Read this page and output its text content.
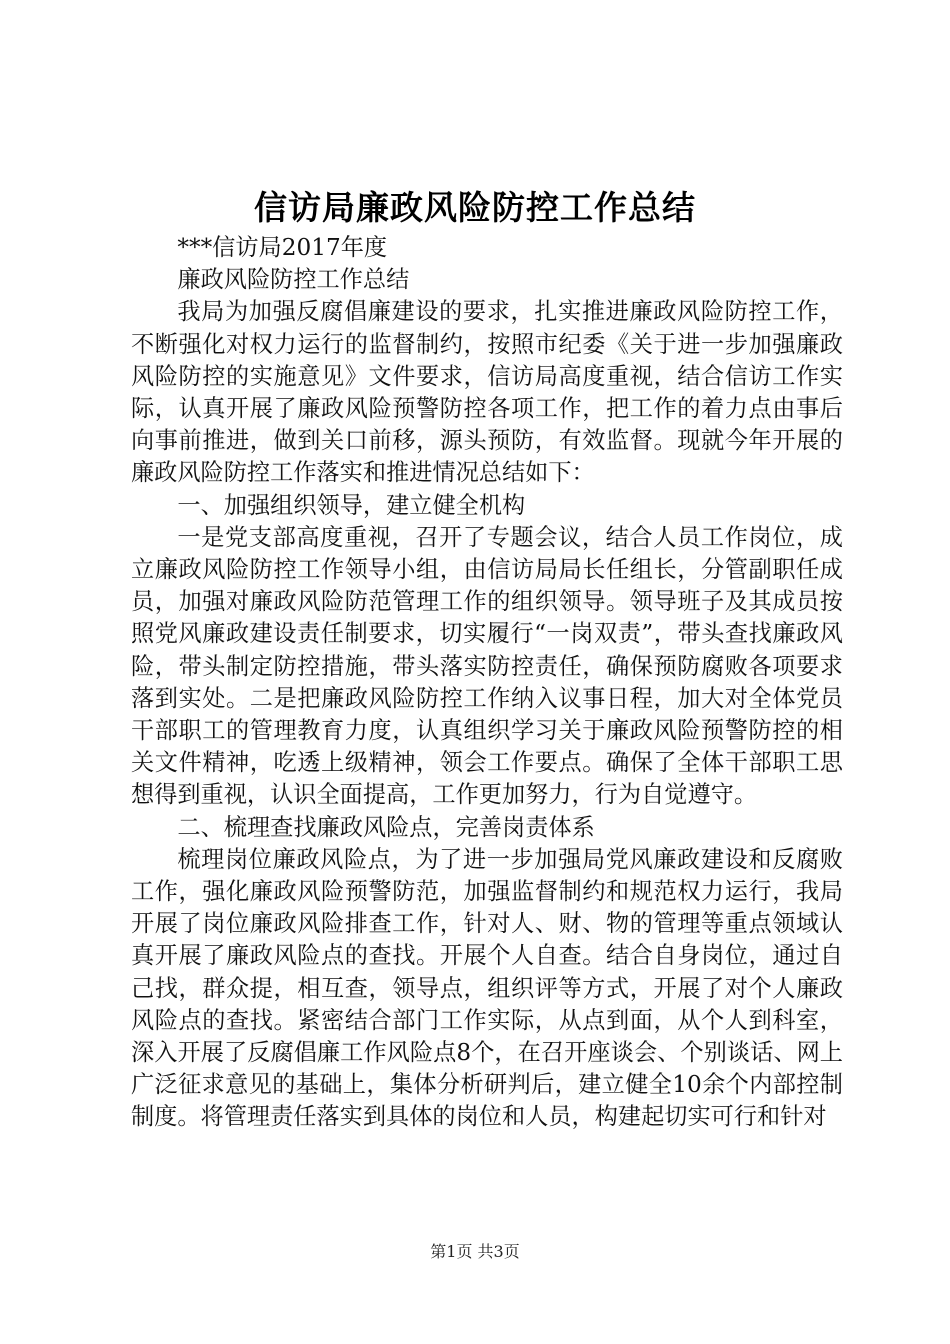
信访局廉政风险防控工作总结

***信访局2017年度

廉政风险防控工作总结

我局为加强反腐倡廉建设的要求，扎实推进廉政风险防控工作，不断强化对权力运行的监督制约，按照市纪委《关于进一步加强廉政风险防控的实施意见》文件要求，信访局高度重视，结合信访工作实际，认真开展了廉政风险预警防控各项工作，把工作的着力点由事后向事前推进，做到关口前移，源头预防，有效监督。现就今年开展的廉政风险防控工作落实和推进情况总结如下：

一、加强组织领导，建立健全机构

一是党支部高度重视，召开了专题会议，结合人员工作岗位，成立廉政风险防控工作领导小组，由信访局局长任组长，分管副职任成员，加强对廉政风险防范管理工作的组织领导。领导班子及其成员按照党风廉政建设责任制要求，切实履行“一岗双责”，带头查找廉政风险，带头制定防控措施，带头落实防控责任，确保预防腐败各项要求落到实处。二是把廉政风险防控工作纳入议事日程，加大对全体党员干部职工的管理教育力度，认真组织学习关于廉政风险预警防控的相关文件精神，吃透上级精神，领会工作要点。确保了全体干部职工思想得到重视，认识全面提高，工作更加努力，行为自觉遵守。

二、梳理查找廉政风险点，完善岗责体系

梳理岗位廉政风险点，为了进一步加强局党风廉政建设和反腐败工作，强化廉政风险预警防范，加强监督制约和规范权力运行，我局开展了岗位廉政风险排查工作，针对人、财、物的管理等重点领域认真开展了廉政风险点的查找。开展个人自查。结合自身岗位，通过自己找，群众提，相互查，领导点，组织评等方式，开展了对个人廉政风险点的查找。紧密结合部门工作实际，从点到面，从个人到科室，深入开展了反腐倡廉工作风险点8个，在召开座谈会、个别谈话、网上广泛征求意见的基础上，集体分析研判后，建立健全10余个内部控制制度。将管理责任落实到具体的岗位和人员，构建起切实可行和针对

第1页 共3页
